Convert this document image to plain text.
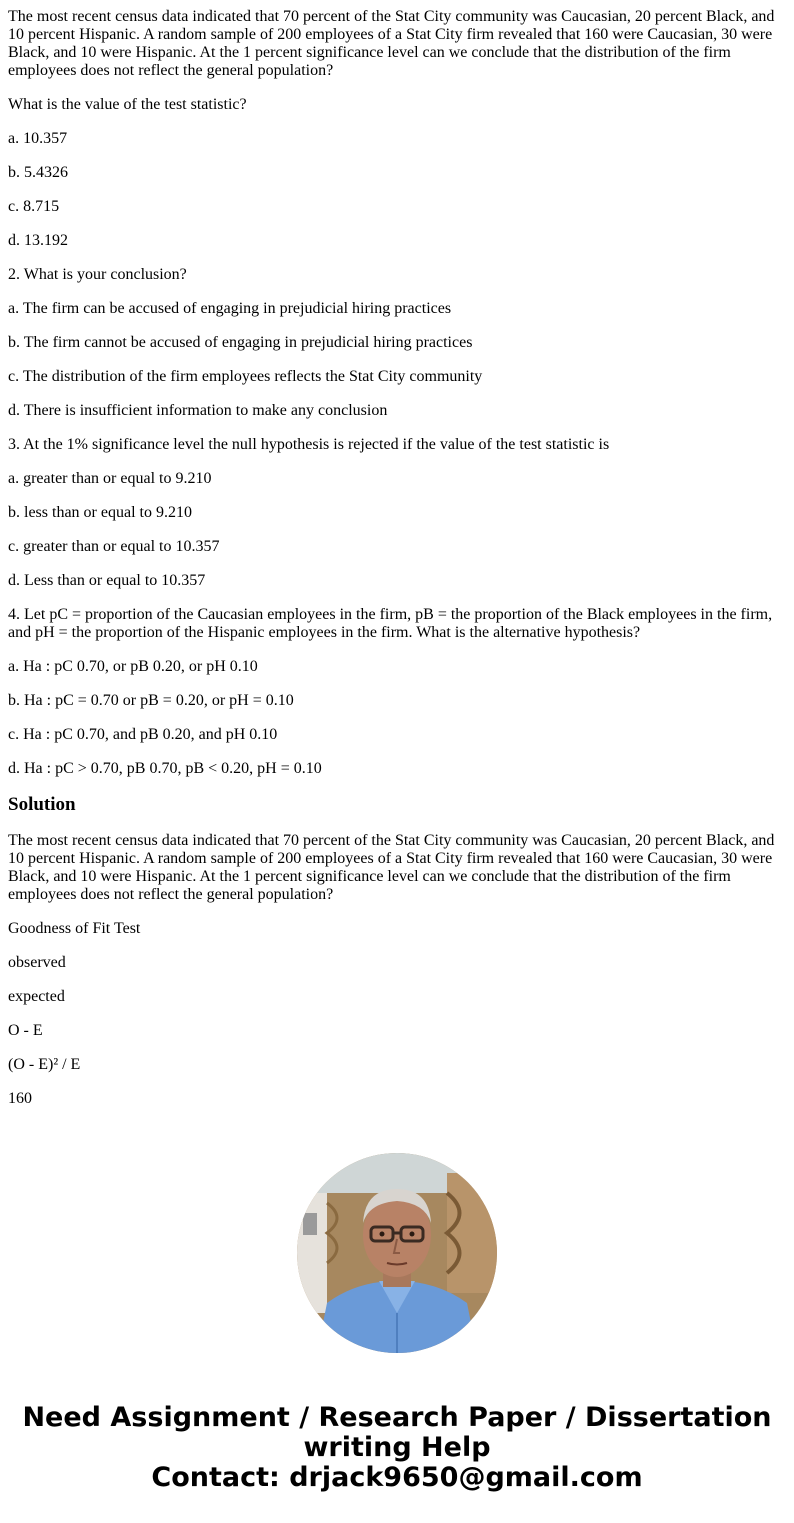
The most recent census data indicated that 70 percent of the Stat City community was Caucasian, 20 percent Black, and 10 percent Hispanic. A random sample of 200 employees of a Stat City firm revealed that 160 were Caucasian, 30 were Black, and 10 were Hispanic. At the 1 percent significance level can we conclude that the distribution of the firm employees does not reflect the general population?

What is the value of the test statistic?

a. 10.357

b. 5.4326

c. 8.715

d. 13.192

2. What is your conclusion?

a. The firm can be accused of engaging in prejudicial hiring practices

b. The firm cannot be accused of engaging in prejudicial hiring practices

c. The distribution of the firm employees reflects the Stat City community

d. There is insufficient information to make any conclusion

3. At the 1% significance level the null hypothesis is rejected if the value of the test statistic is

a. greater than or equal to 9.210

b. less than or equal to 9.210

c. greater than or equal to 10.357

d. Less than or equal to 10.357

4. Let pC = proportion of the Caucasian employees in the firm, pB = the proportion of the Black employees in the firm, and pH = the proportion of the Hispanic employees in the firm. What is the alternative hypothesis?

a. Ha : pC 0.70, or pB 0.20, or pH 0.10

b. Ha : pC = 0.70 or pB = 0.20, or pH = 0.10

c. Ha : pC 0.70, and pB 0.20, and pH 0.10

d. Ha : pC > 0.70, pB 0.70, pB < 0.20, pH = 0.10

Solution

The most recent census data indicated that 70 percent of the Stat City community was Caucasian, 20 percent Black, and 10 percent Hispanic. A random sample of 200 employees of a Stat City firm revealed that 160 were Caucasian, 30 were Black, and 10 were Hispanic. At the 1 percent significance level can we conclude that the distribution of the firm employees does not reflect the general population?

Goodness of Fit Test

observed

expected

O - E

(O - E)² / E

160

Need Assignment / Research Paper / Dissertation
writing Help
Contact: drjack9650@gmail.com
